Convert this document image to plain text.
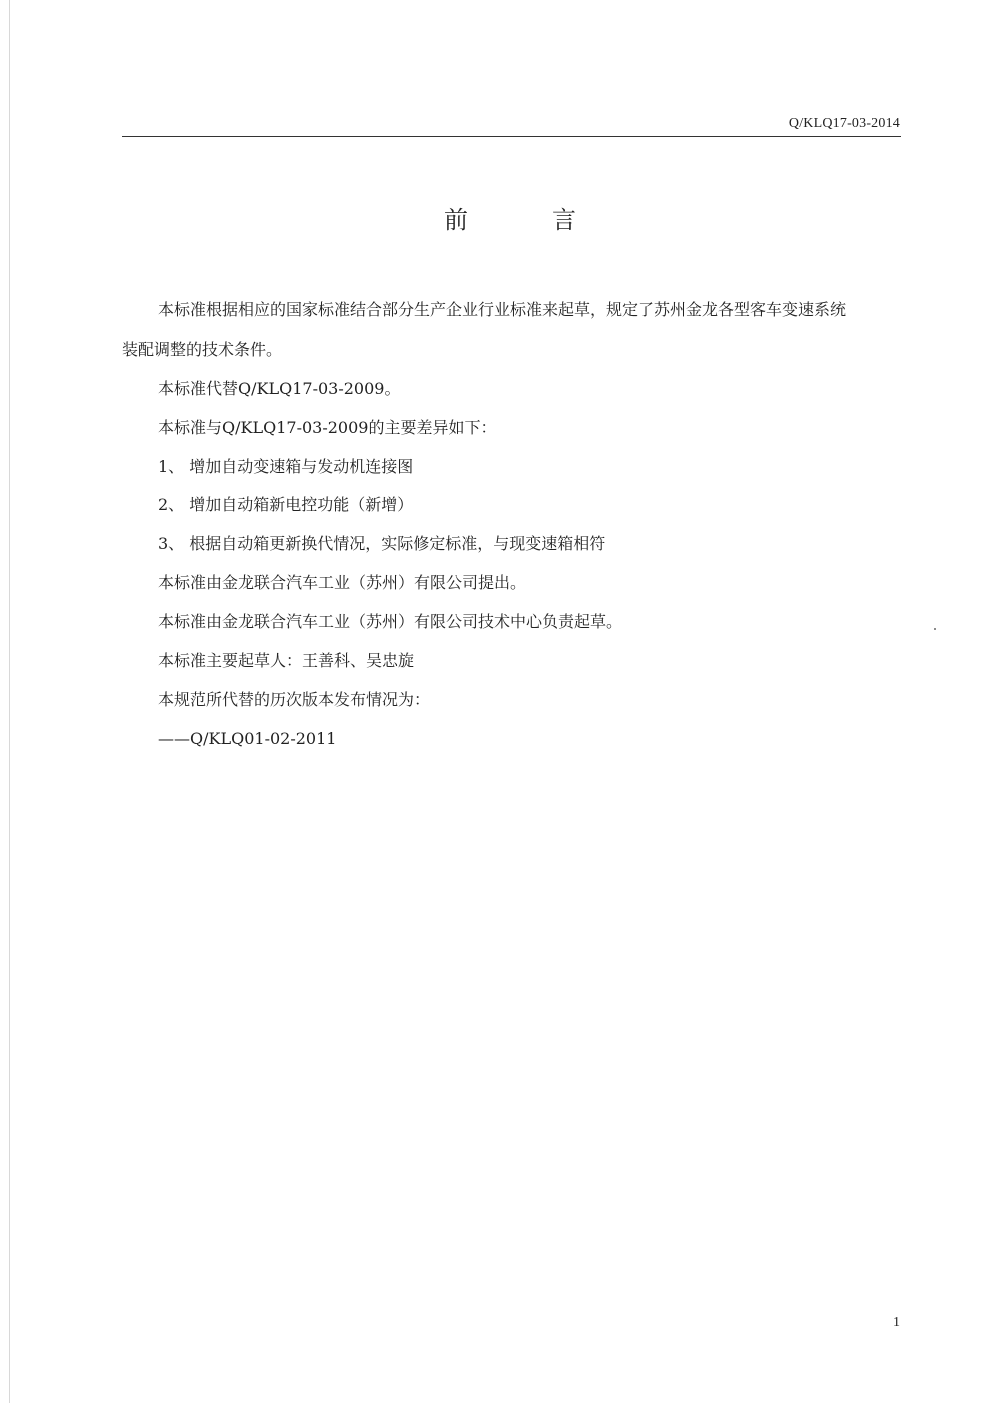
Q/KLQ17-03-2014
前	言
本标准根据相应的国家标准结合部分生产企业行业标准来起草，规定了苏州金龙各型客车变速系统
装配调整的技术条件。
本标准代替Q/KLQ17-03-2009。
本标准与Q/KLQ17-03-2009的主要差异如下：
1、 增加自动变速箱与发动机连接图
2、 增加自动箱新电控功能（新增）
3、 根据自动箱更新换代情况，实际修定标准，与现变速箱相符
本标准由金龙联合汽车工业（苏州）有限公司提出。
本标准由金龙联合汽车工业（苏州）有限公司技术中心负责起草。
本标准主要起草人：王善科、吴忠旋
本规范所代替的历次版本发布情况为：
——Q/KLQ01-02-2011
1
